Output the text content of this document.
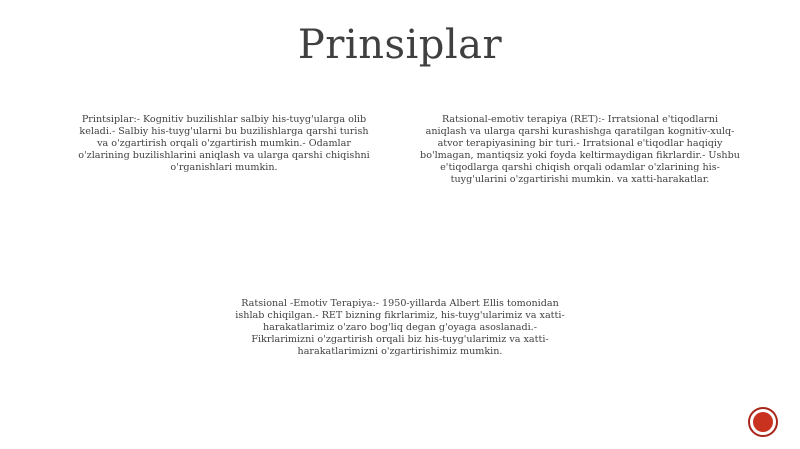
Prinsiplar
Printsiplar:- Kognitiv buzilishlar salbiy his-tuyg'ularga olib keladi.- Salbiy his-tuyg'ularni bu buzilishlarga qarshi turish va o'zgartirish orqali o'zgartirish mumkin.- Odamlar o'zlarining buzilishlarini aniqlash va ularga qarshi chiqishni o'rganishlari mumkin.
Ratsional-emotiv terapiya (RET):- Irratsional e'tiqodlarni aniqlash va ularga qarshi kurashishga qaratilgan kognitiv-xulq-atvor terapiyasining bir turi.- Irratsional e'tiqodlar haqiqiy bo'lmagan, mantiqsiz yoki foyda keltirmaydigan fikrlardir.- Ushbu e'tiqodlarga qarshi chiqish orqali odamlar o'zlarining his-tuyg'ularini o'zgartirishi mumkin. va xatti-harakatlar.
Ratsional -Emotiv Terapiya:- 1950-yillarda Albert Ellis tomonidan ishlab chiqilgan.- RET bizning fikrlarimiz, his-tuyg'ularimiz va xatti-harakatlarimiz o'zaro bog'liq degan g'oyaga asoslanadi.- Fikrlarimizni o'zgartirish orqali biz his-tuyg'ularimiz va xatti-harakatlarimizni o'zgartirishimiz mumkin.
